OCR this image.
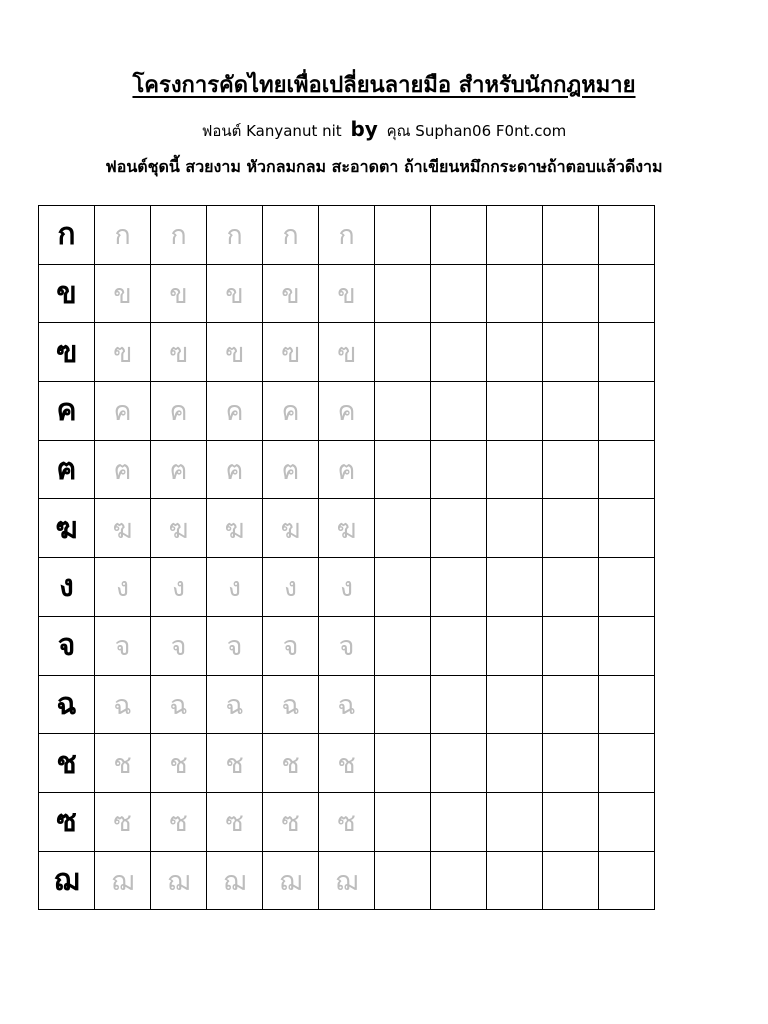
โครงการคัดไทยเพื่อเปลี่ยนลายมือ สำหรับนักกฎหมาย
ฟอนต์ Kanyanut nit by คุณ Suphan06 F0nt.com
ฟอนต์ชุดนี้ สวยงาม หัวกลมกลม สะอาดตา ถ้าเขียนหมึกกระดาษถ้าตอบแล้วดีงาม
ก	ก	ก	ก	ก	ก					
ข	ข	ข	ข	ข	ข					
ฃ	ฃ	ฃ	ฃ	ฃ	ฃ					
ค	ค	ค	ค	ค	ค					
ฅ	ฅ	ฅ	ฅ	ฅ	ฅ					
ฆ	ฆ	ฆ	ฆ	ฆ	ฆ					
ง	ง	ง	ง	ง	ง					
จ	จ	จ	จ	จ	จ					
ฉ	ฉ	ฉ	ฉ	ฉ	ฉ					
ช	ช	ช	ช	ช	ช					
ซ	ซ	ซ	ซ	ซ	ซ					
ฌ	ฌ	ฌ	ฌ	ฌ	ฌ					
